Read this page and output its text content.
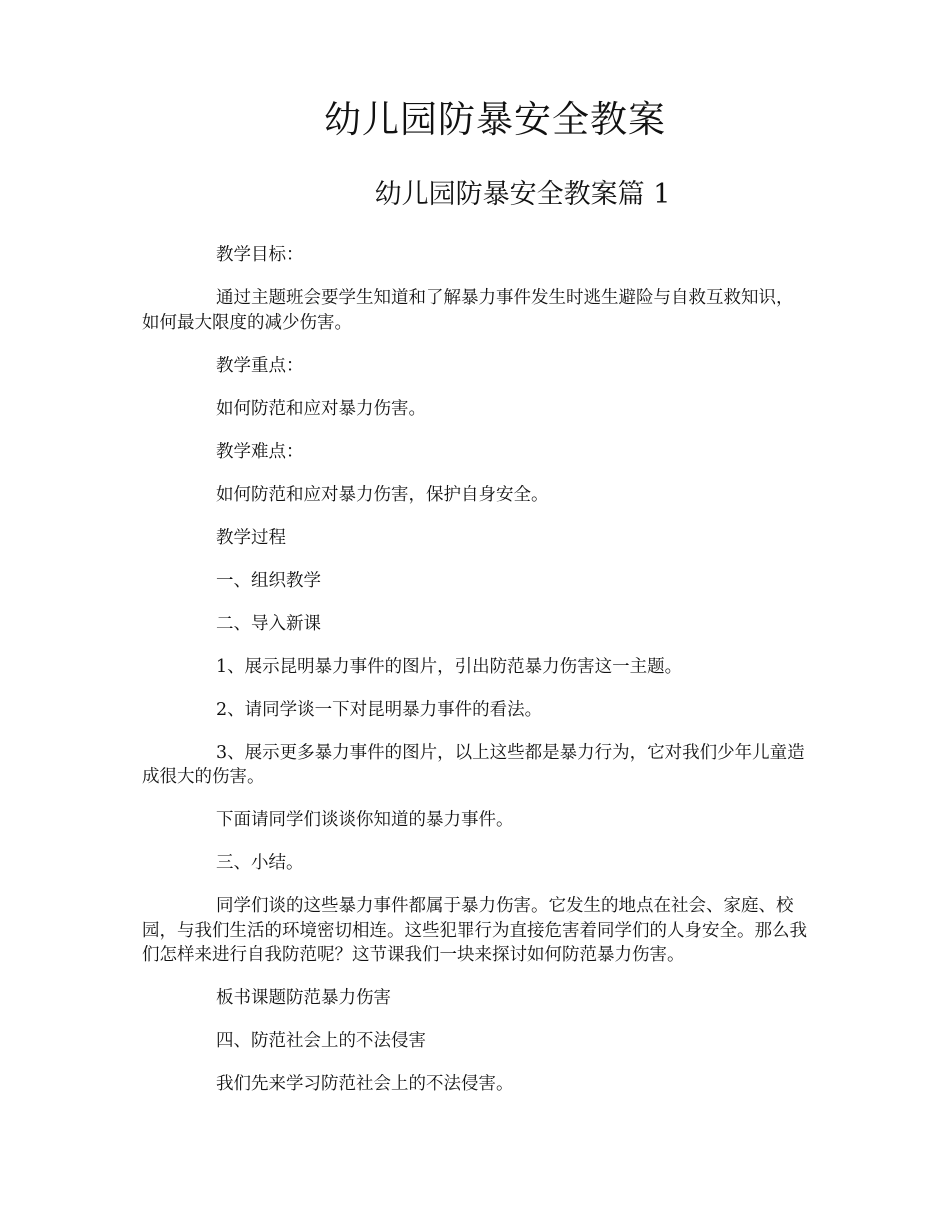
幼儿园防暴安全教案
幼儿园防暴安全教案篇 1

教学目标：

通过主题班会要学生知道和了解暴力事件发生时逃生避险与自救互救知识，如何最大限度的减少伤害。

教学重点：

如何防范和应对暴力伤害。

教学难点：

如何防范和应对暴力伤害，保护自身安全。

教学过程

一、组织教学

二、导入新课

1、展示昆明暴力事件的图片，引出防范暴力伤害这一主题。

2、请同学谈一下对昆明暴力事件的看法。

3、展示更多暴力事件的图片，以上这些都是暴力行为，它对我们少年儿童造成很大的伤害。

下面请同学们谈谈你知道的暴力事件。

三、小结。

同学们谈的这些暴力事件都属于暴力伤害。它发生的地点在社会、家庭、校园，与我们生活的环境密切相连。这些犯罪行为直接危害着同学们的人身安全。那么我们怎样来进行自我防范呢？这节课我们一块来探讨如何防范暴力伤害。

板书课题防范暴力伤害

四、防范社会上的不法侵害

我们先来学习防范社会上的不法侵害。
